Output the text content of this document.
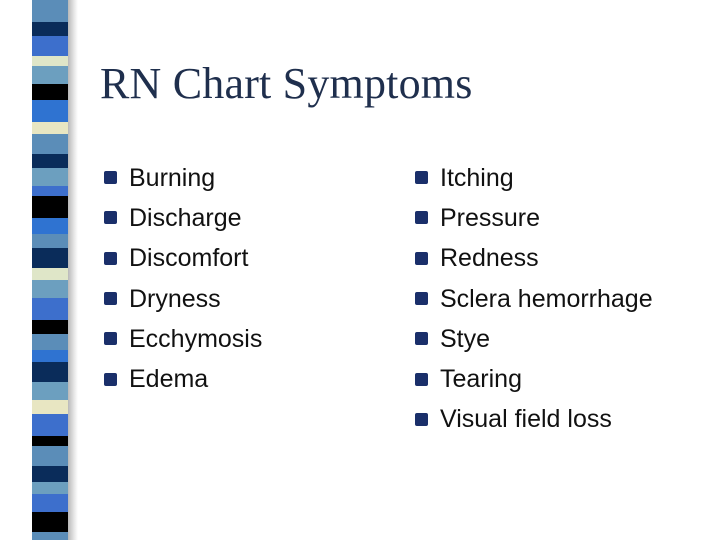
RN Chart Symptoms
Burning
Discharge
Discomfort
Dryness
Ecchymosis
Edema
Itching
Pressure
Redness
Sclera hemorrhage
Stye
Tearing
Visual field loss
